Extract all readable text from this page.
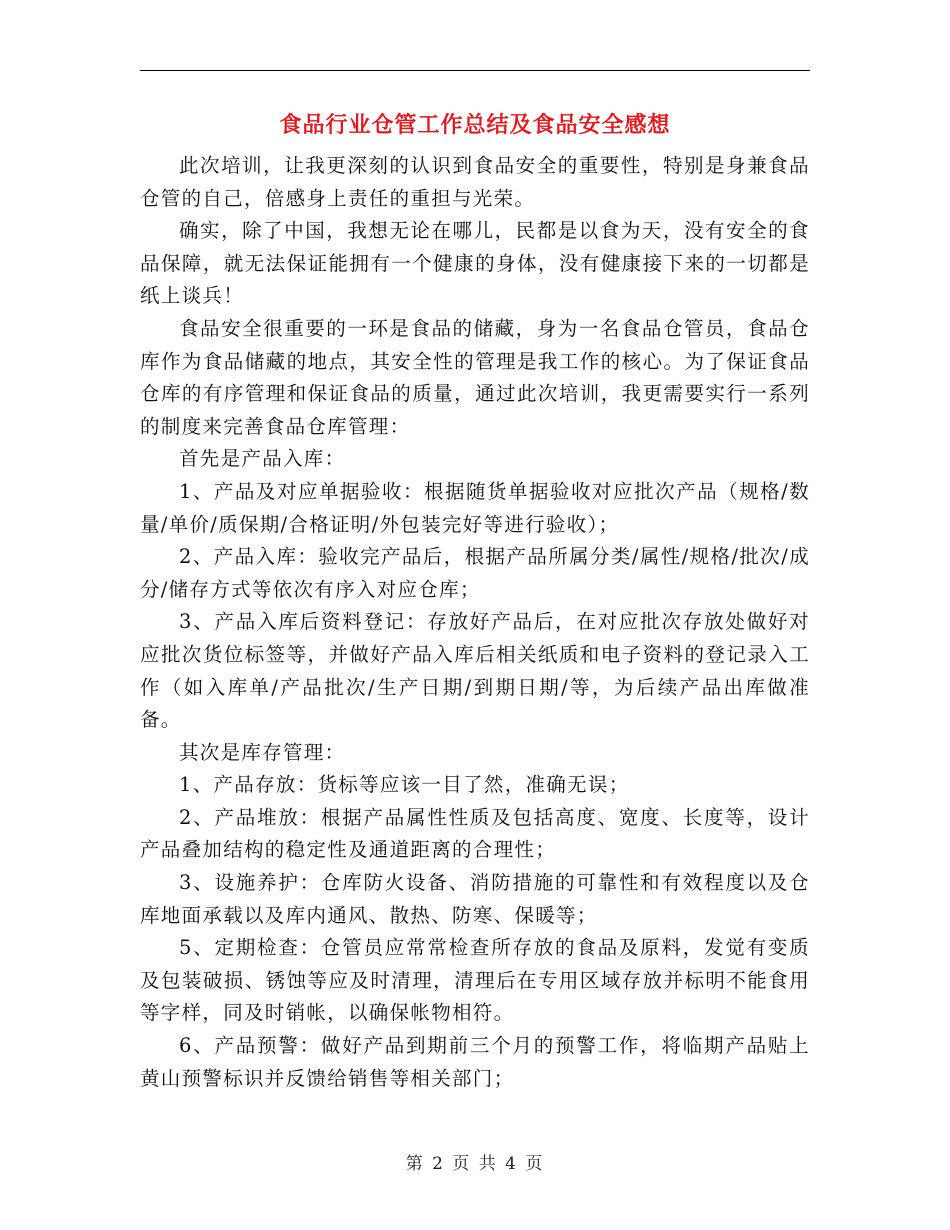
食品行业仓管工作总结及食品安全感想

此次培训，让我更深刻的认识到食品安全的重要性，特别是身兼食品仓管的自己，倍感身上责任的重担与光荣。

确实，除了中国，我想无论在哪儿，民都是以食为天，没有安全的食品保障，就无法保证能拥有一个健康的身体，没有健康接下来的一切都是纸上谈兵！

食品安全很重要的一环是食品的储藏，身为一名食品仓管员，食品仓库作为食品储藏的地点，其安全性的管理是我工作的核心。为了保证食品仓库的有序管理和保证食品的质量，通过此次培训，我更需要实行一系列的制度来完善食品仓库管理：

首先是产品入库：

1、产品及对应单据验收：根据随货单据验收对应批次产品（规格/数量/单价/质保期/合格证明/外包装完好等进行验收）；

2、产品入库：验收完产品后，根据产品所属分类/属性/规格/批次/成分/储存方式等依次有序入对应仓库；

3、产品入库后资料登记：存放好产品后，在对应批次存放处做好对应批次货位标签等，并做好产品入库后相关纸质和电子资料的登记录入工作（如入库单/产品批次/生产日期/到期日期/等，为后续产品出库做准备。

其次是库存管理：

1、产品存放：货标等应该一目了然，准确无误；

2、产品堆放：根据产品属性性质及包括高度、宽度、长度等，设计产品叠加结构的稳定性及通道距离的合理性；

3、设施养护：仓库防火设备、消防措施的可靠性和有效程度以及仓库地面承载以及库内通风、散热、防寒、保暖等；

5、定期检查：仓管员应常常检查所存放的食品及原料，发觉有变质及包装破损、锈蚀等应及时清理，清理后在专用区域存放并标明不能食用等字样，同及时销帐，以确保帐物相符。

6、产品预警：做好产品到期前三个月的预警工作，将临期产品贴上黄山预警标识并反馈给销售等相关部门；

第 2 页 共 4 页
